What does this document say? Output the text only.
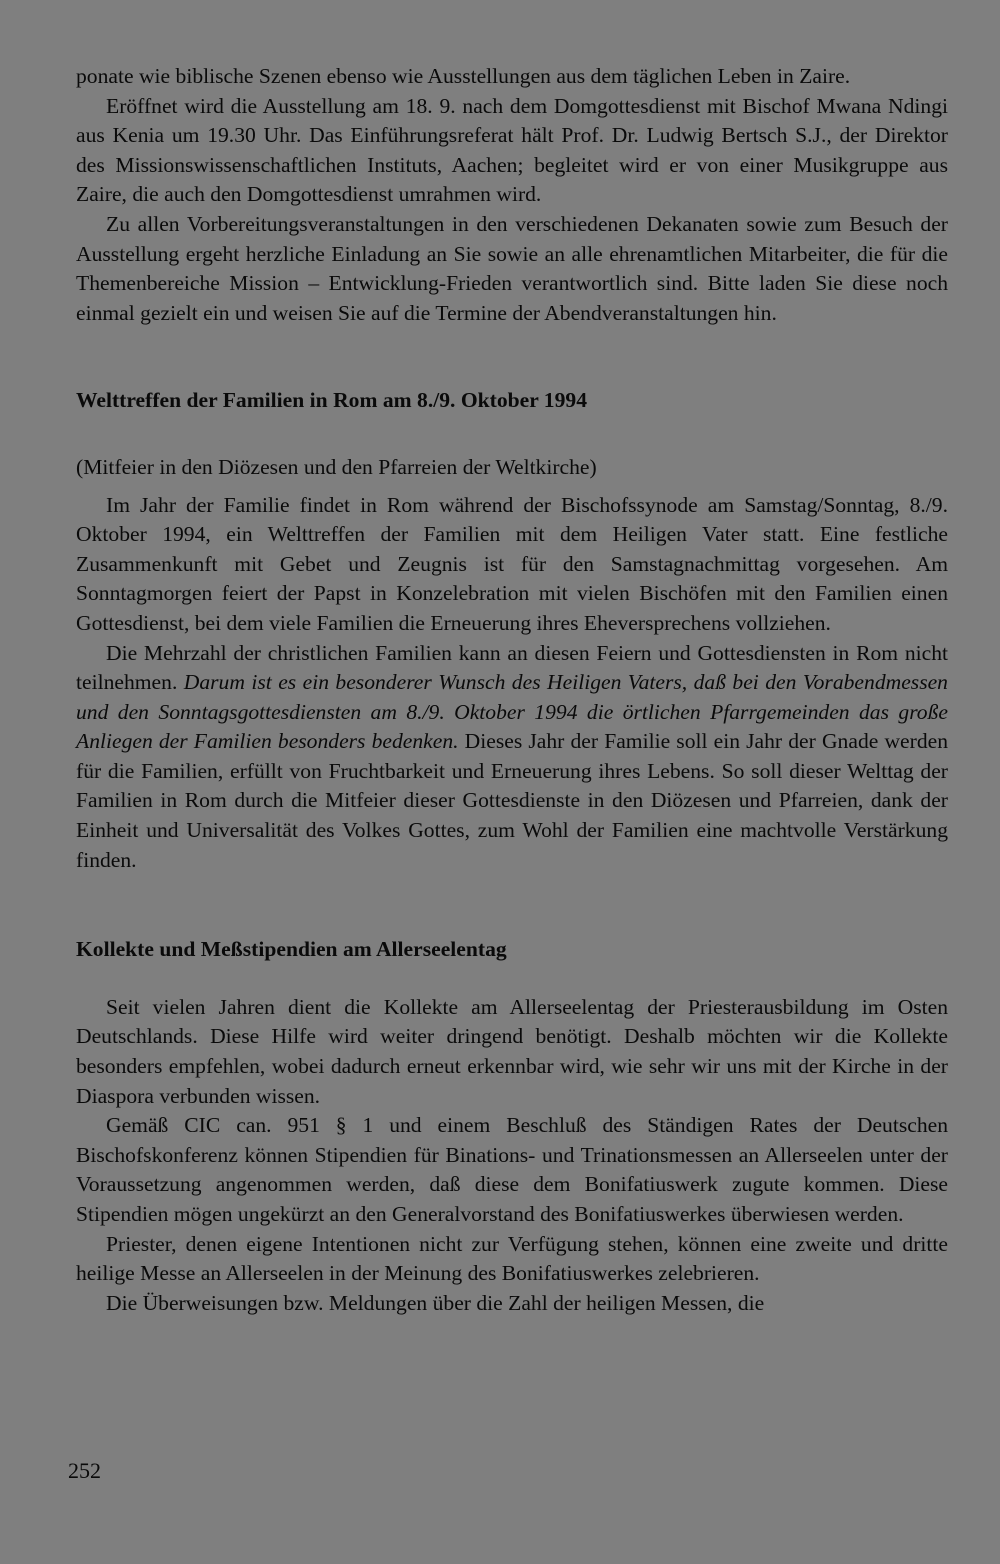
ponate wie biblische Szenen ebenso wie Ausstellungen aus dem täglichen Leben in Zaire.

Eröffnet wird die Ausstellung am 18. 9. nach dem Domgottesdienst mit Bischof Mwana Ndingi aus Kenia um 19.30 Uhr. Das Einführungsreferat hält Prof. Dr. Ludwig Bertsch S.J., der Direktor des Missionswissenschaftlichen Instituts, Aachen; begleitet wird er von einer Musikgruppe aus Zaire, die auch den Domgottesdienst umrahmen wird.

Zu allen Vorbereitungsveranstaltungen in den verschiedenen Dekanaten sowie zum Besuch der Ausstellung ergeht herzliche Einladung an Sie sowie an alle ehrenamtlichen Mitarbeiter, die für die Themenbereiche Mission – Entwicklung-Frieden verantwortlich sind. Bitte laden Sie diese noch einmal gezielt ein und weisen Sie auf die Termine der Abendveranstaltungen hin.

Welttreffen der Familien in Rom am 8./9. Oktober 1994

(Mitfeier in den Diözesen und den Pfarreien der Weltkirche)

Im Jahr der Familie findet in Rom während der Bischofssynode am Samstag/Sonntag, 8./9. Oktober 1994, ein Welttreffen der Familien mit dem Heiligen Vater statt. Eine festliche Zusammenkunft mit Gebet und Zeugnis ist für den Samstagnachmittag vorgesehen. Am Sonntagmorgen feiert der Papst in Konzelebration mit vielen Bischöfen mit den Familien einen Gottesdienst, bei dem viele Familien die Erneuerung ihres Eheversprechens vollziehen.

Die Mehrzahl der christlichen Familien kann an diesen Feiern und Gottesdiensten in Rom nicht teilnehmen. Darum ist es ein besonderer Wunsch des Heiligen Vaters, daß bei den Vorabendmessen und den Sonntagsgottesdiensten am 8./9. Oktober 1994 die örtlichen Pfarrgemeinden das große Anliegen der Familien besonders bedenken. Dieses Jahr der Familie soll ein Jahr der Gnade werden für die Familien, erfüllt von Fruchtbarkeit und Erneuerung ihres Lebens. So soll dieser Welttag der Familien in Rom durch die Mitfeier dieser Gottesdienste in den Diözesen und Pfarreien, dank der Einheit und Universalität des Volkes Gottes, zum Wohl der Familien eine machtvolle Verstärkung finden.

Kollekte und Meßstipendien am Allerseelentag

Seit vielen Jahren dient die Kollekte am Allerseelentag der Priesterausbildung im Osten Deutschlands. Diese Hilfe wird weiter dringend benötigt. Deshalb möchten wir die Kollekte besonders empfehlen, wobei dadurch erneut erkennbar wird, wie sehr wir uns mit der Kirche in der Diaspora verbunden wissen.

Gemäß CIC can. 951 § 1 und einem Beschluß des Ständigen Rates der Deutschen Bischofskonferenz können Stipendien für Binations- und Trinationsmessen an Allerseelen unter der Voraussetzung angenommen werden, daß diese dem Bonifatiuswerk zugute kommen. Diese Stipendien mögen ungekürzt an den Generalvorstand des Bonifatiuswerkes überwiesen werden.

Priester, denen eigene Intentionen nicht zur Verfügung stehen, können eine zweite und dritte heilige Messe an Allerseelen in der Meinung des Bonifatiuswerkes zelebrieren.

Die Überweisungen bzw. Meldungen über die Zahl der heiligen Messen, die

252
